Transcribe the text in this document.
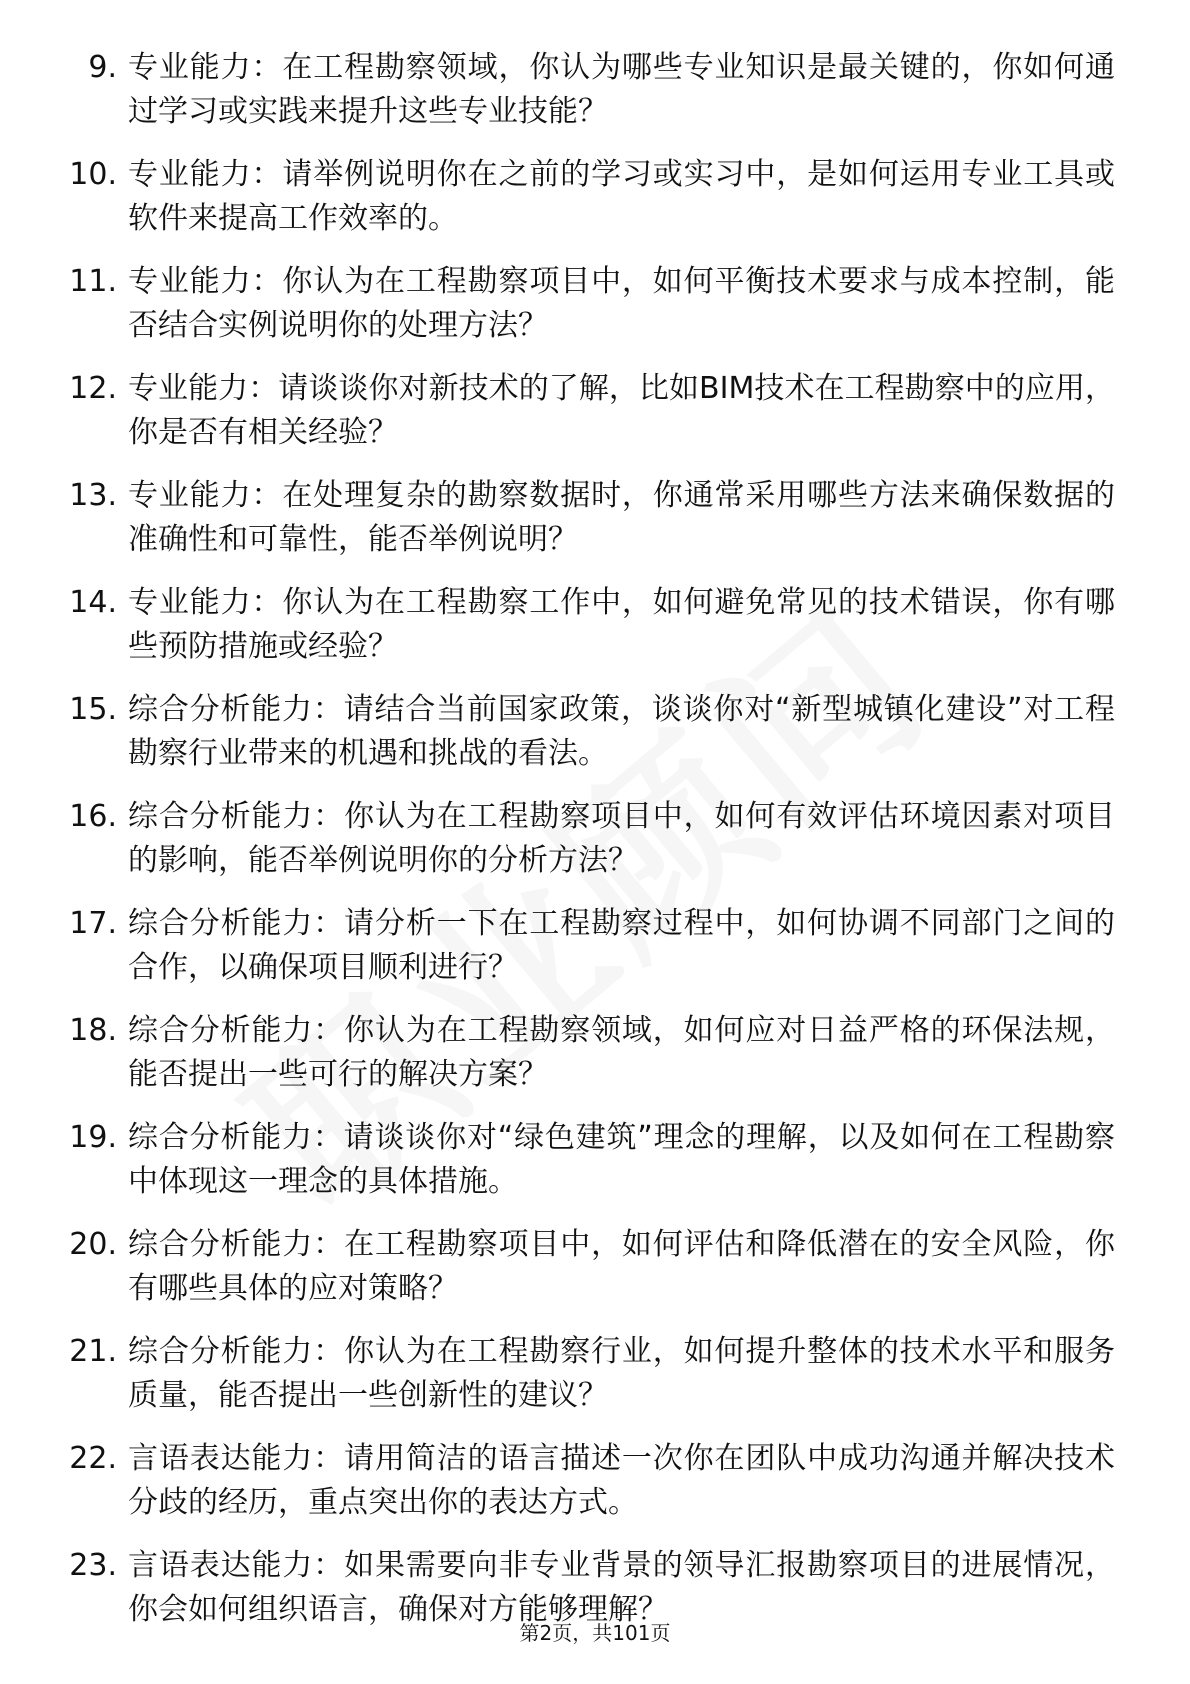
9. 专业能力：在工程勘察领域，你认为哪些专业知识是最关键的，你如何通过学习或实践来提升这些专业技能？
10. 专业能力：请举例说明你在之前的学习或实习中，是如何运用专业工具或软件来提高工作效率的。
11. 专业能力：你认为在工程勘察项目中，如何平衡技术要求与成本控制，能否结合实例说明你的处理方法？
12. 专业能力：请谈谈你对新技术的了解，比如BIM技术在工程勘察中的应用，你是否有相关经验？
13. 专业能力：在处理复杂的勘察数据时，你通常采用哪些方法来确保数据的准确性和可靠性，能否举例说明？
14. 专业能力：你认为在工程勘察工作中，如何避免常见的技术错误，你有哪些预防措施或经验？
15. 综合分析能力：请结合当前国家政策，谈谈你对“新型城镇化建设”对工程勘察行业带来的机遇和挑战的看法。
16. 综合分析能力：你认为在工程勘察项目中，如何有效评估环境因素对项目的影响，能否举例说明你的分析方法？
17. 综合分析能力：请分析一下在工程勘察过程中，如何协调不同部门之间的合作，以确保项目顺利进行？
18. 综合分析能力：你认为在工程勘察领域，如何应对日益严格的环保法规，能否提出一些可行的解决方案？
19. 综合分析能力：请谈谈你对“绿色建筑”理念的理解，以及如何在工程勘察中体现这一理念的具体措施。
20. 综合分析能力：在工程勘察项目中，如何评估和降低潜在的安全风险，你有哪些具体的应对策略？
21. 综合分析能力：你认为在工程勘察行业，如何提升整体的技术水平和服务质量，能否提出一些创新性的建议？
22. 言语表达能力：请用简洁的语言描述一次你在团队中成功沟通并解决技术分歧的经历，重点突出你的表达方式。
23. 言语表达能力：如果需要向非专业背景的领导汇报勘察项目的进展情况，你会如何组织语言，确保对方能够理解？
第2页，共101页
